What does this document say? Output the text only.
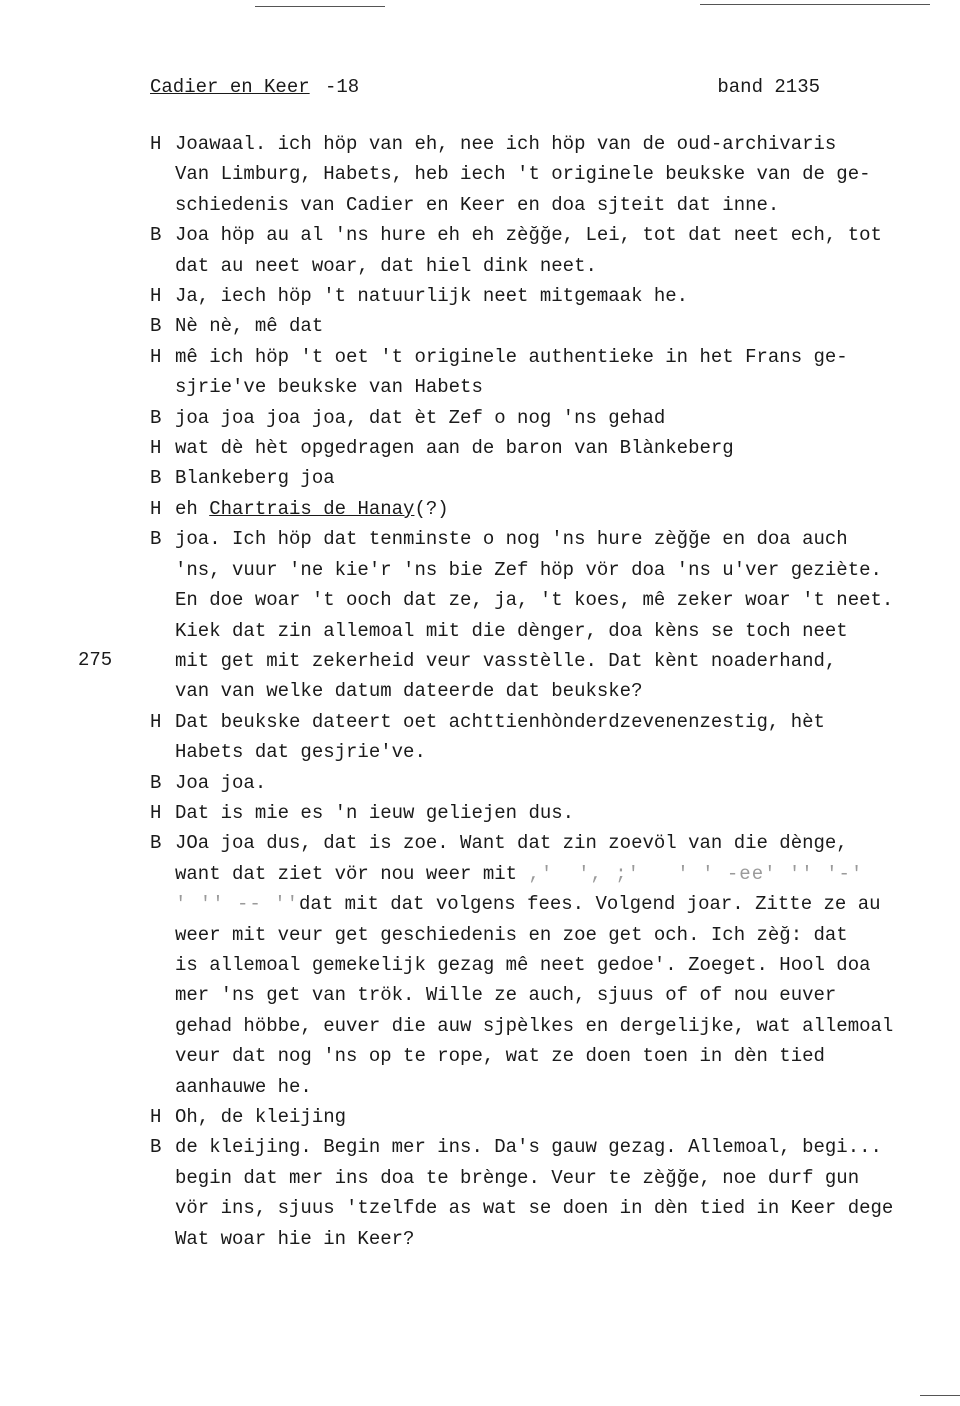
Cadier en Keer -18	band 2135
275
H Joawaal. ich höp van eh, nee ich höp van de oud-archivaris
Van Limburg, Habets, heb iech 't originele beukske van de ge-
schiedenis van Cadier en Keer en doa sjteit dat inne.
B Joa höp au al 'ns hure eh eh zèğğe, Lei, tot dat neet ech, tot
dat au neet woar, dat hiel dink neet.
H Ja, iech höp 't natuurlijk neet mitgemaak he.
B Nè nè, mê dat
H mê ich höp 't oet 't originele authentieke in het Frans ge-
sjrie've beukske van Habets
B joa joa joa joa, dat èt Zef o nog 'ns gehad
H wat dè hèt opgedragen aan de baron van Blànkeberg
B Blankeberg joa
H eh Chartrais de Hanay(?)
B joa. Ich höp dat tenminste o nog 'ns hure zèğğe en doa auch
'ns, vuur 'ne kie'r 'ns bie Zef höp vör doa 'ns u'ver geziète.
En doe woar 't ooch dat ze, ja, 't koes, mê zeker woar 't neet.
Kiek dat zin allemoal mit die dènger, doa kèns se toch neet
mit get mit zekerheid veur vasstèlle. Dat kènt noaderhand,
van van welke datum dateerde dat beukske?
H Dat beukske dateert oet achttienhònderdzevenenzestig, hèt
Habets dat gesjrie've.
B Joa joa.
H Dat is mie es 'n ieuw geliejen dus.
B JOa joa dus, dat is zoe. Want dat zin zoevöl van die dènge,
want dat ziet vör nou weer mit ,'  ', ;'   ' ' -ee' '' '-'
' '' -- ''dat mit dat volgens fees. Volgend joar. Zitte ze au
weer mit veur get geschiedenis en zoe get och. Ich zèğ: dat
is allemoal gemekelijk gezag mê neet gedoe'. Zoeget. Hool doa
mer 'ns get van trök. Wille ze auch, sjuus of of nou euver
gehad höbbe, euver die auw sjpèlkes en dergelijke, wat allemoal
veur dat nog 'ns op te rope, wat ze doen toen in dèn tied
aanhauwe he.
H Oh, de kleijing
B de kleijing. Begin mer ins. Da's gauw gezag. Allemoal, begi...
begin dat mer ins doa te brènge. Veur te zèğğe, noe durf gun
vör ins, sjuus 'tzelfde as wat se doen in dèn tied in Keer dege
Wat woar hie in Keer?
